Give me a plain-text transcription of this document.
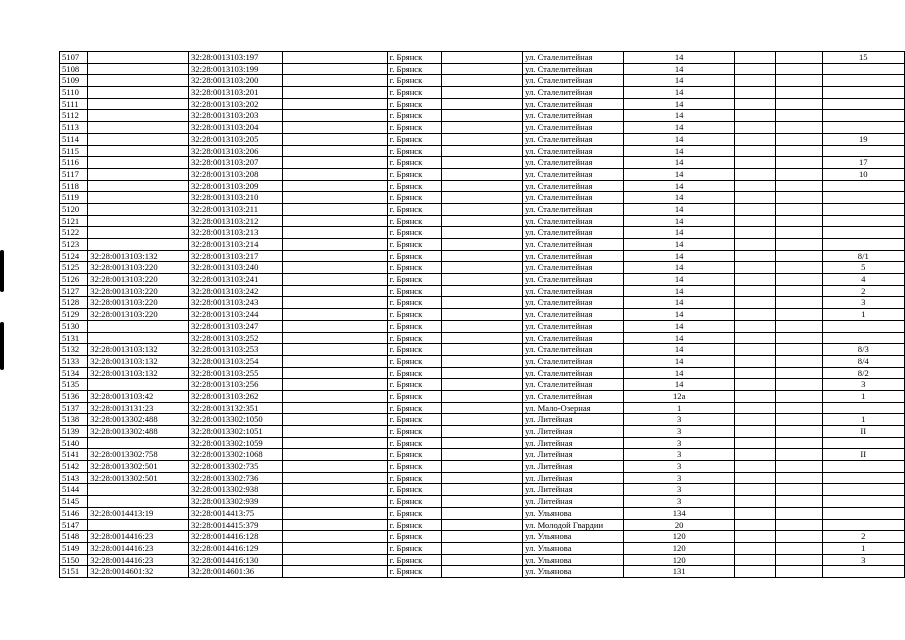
5107		32:28:0013103:197		г. Брянск		ул. Сталелитейная	14			15
5108		32:28:0013103:199		г. Брянск		ул. Сталелитейная	14			
5109		32:28:0013103:200		г. Брянск		ул. Сталелитейная	14			
5110		32:28:0013103:201		г. Брянск		ул. Сталелитейная	14			
5111		32:28:0013103:202		г. Брянск		ул. Сталелитейная	14			
5112		32:28:0013103:203		г. Брянск		ул. Сталелитейная	14			
5113		32:28:0013103:204		г. Брянск		ул. Сталелитейная	14			
5114		32:28:0013103:205		г. Брянск		ул. Сталелитейная	14			19
5115		32:28:0013103:206		г. Брянск		ул. Сталелитейная	14			
5116		32:28:0013103:207		г. Брянск		ул. Сталелитейная	14			17
5117		32:28:0013103:208		г. Брянск		ул. Сталелитейная	14			10
5118		32:28:0013103:209		г. Брянск		ул. Сталелитейная	14			
5119		32:28:0013103:210		г. Брянск		ул. Сталелитейная	14			
5120		32:28:0013103:211		г. Брянск		ул. Сталелитейная	14			
5121		32:28:0013103:212		г. Брянск		ул. Сталелитейная	14			
5122		32:28:0013103:213		г. Брянск		ул. Сталелитейная	14			
5123		32:28:0013103:214		г. Брянск		ул. Сталелитейная	14			
5124	32:28:0013103:132	32:28:0013103:217		г. Брянск		ул. Сталелитейная	14			8/1
5125	32:28:0013103:220	32:28:0013103:240		г. Брянск		ул. Сталелитейная	14			5
5126	32:28:0013103:220	32:28:0013103:241		г. Брянск		ул. Сталелитейная	14			4
5127	32:28:0013103:220	32:28:0013103:242		г. Брянск		ул. Сталелитейная	14			2
5128	32:28:0013103:220	32:28:0013103:243		г. Брянск		ул. Сталелитейная	14			3
5129	32:28:0013103:220	32:28:0013103:244		г. Брянск		ул. Сталелитейная	14			1
5130		32:28:0013103:247		г. Брянск		ул. Сталелитейная	14			
5131		32:28:0013103:252		г. Брянск		ул. Сталелитейная	14			
5132	32:28:0013103:132	32:28:0013103:253		г. Брянск		ул. Сталелитейная	14			8/3
5133	32:28:0013103:132	32:28:0013103:254		г. Брянск		ул. Сталелитейная	14			8/4
5134	32:28:0013103:132	32:28:0013103:255		г. Брянск		ул. Сталелитейная	14			8/2
5135		32:28:0013103:256		г. Брянск		ул. Сталелитейная	14			3
5136	32:28:0013103:42	32:28:0013103:262		г. Брянск		ул. Сталелитейная	12а			1
5137	32:28:0013131:23	32:28:0013132:351		г. Брянск		ул. Мало-Озерная	1			
5138	32:28:0013302:488	32:28:0013302:1050		г. Брянск		ул. Литейная	3			1
5139	32:28:0013302:488	32:28:0013302:1051		г. Брянск		ул. Литейная	3			II
5140		32:28:0013302:1059		г. Брянск		ул. Литейная	3			
5141	32:28:0013302:758	32:28:0013302:1068		г. Брянск		ул. Литейная	3			II
5142	32:28:0013302:501	32:28:0013302:735		г. Брянск		ул. Литейная	3			
5143	32:28:0013302:501	32:28:0013302:736		г. Брянск		ул. Литейная	3			
5144		32:28:0013302:938		г. Брянск		ул. Литейная	3			
5145		32:28:0013302:939		г. Брянск		ул. Литейная	3			
5146	32:28:0014413:19	32:28:0014413:75		г. Брянск		ул. Ульянова	134			
5147		32:28:0014415:379		г. Брянск		ул. Молодой Гвардии	20			
5148	32:28:0014416:23	32:28:0014416:128		г. Брянск		ул. Ульянова	120			2
5149	32:28:0014416:23	32:28:0014416:129		г. Брянск		ул. Ульянова	120			1
5150	32:28:0014416:23	32:28:0014416:130		г. Брянск		ул. Ульянова	120			3
5151	32:28:0014601:32	32:28:0014601:36		г. Брянск		ул. Ульянова	131			
